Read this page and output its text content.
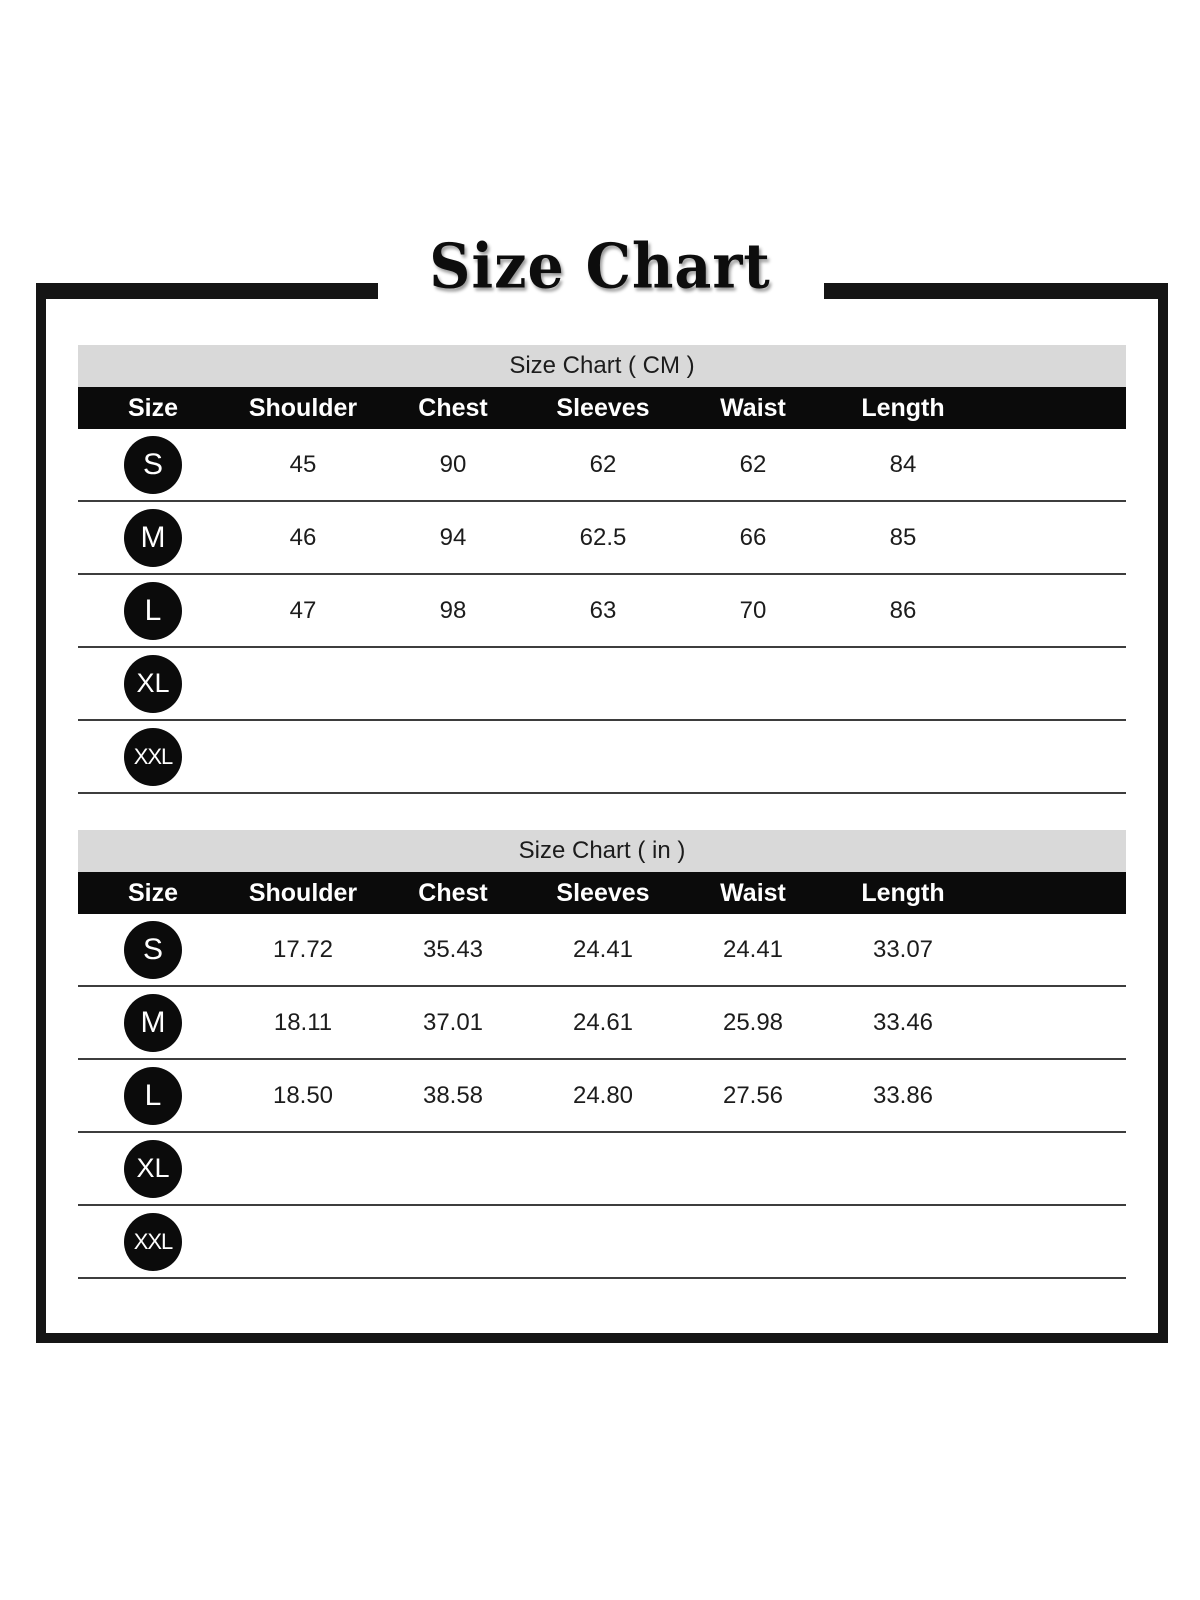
Size Chart
Size Chart ( CM )
Size	Shoulder	Chest	Sleeves	Waist	Length
S	45	90	62	62	84
M	46	94	62.5	66	85
L	47	98	63	70	86
XL
XXL
Size Chart ( in )
Size	Shoulder	Chest	Sleeves	Waist	Length
S	17.72	35.43	24.41	24.41	33.07
M	18.11	37.01	24.61	25.98	33.46
L	18.50	38.58	24.80	27.56	33.86
XL
XXL
